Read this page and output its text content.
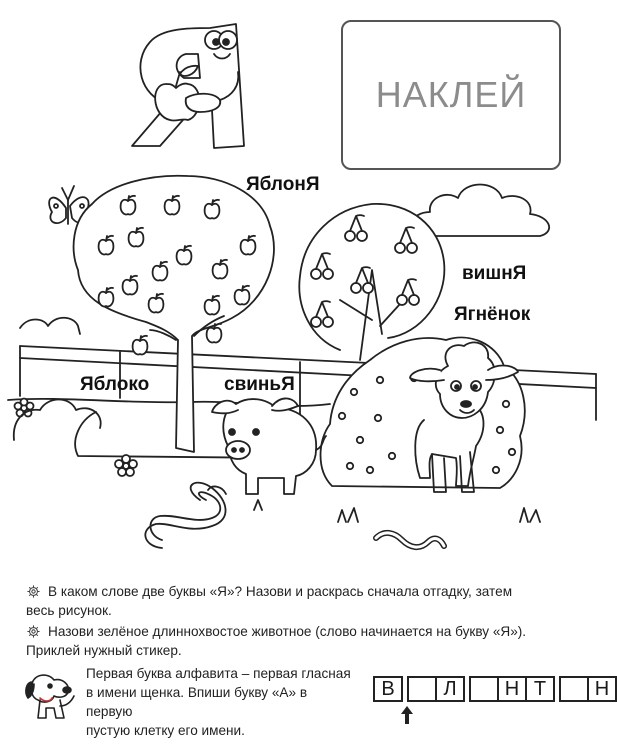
НАКЛЕЙ
ЯблонЯ
вишнЯ
Ягнёнок
Яблоко	свиньЯ
В каком слове две буквы «Я»? Назови и раскрась сначала отгадку, затем
весь рисунок.
Назови зелёное длиннохвостое животное (слово начинается на букву «Я»).
Приклей нужный стикер.
Первая буква алфавита – первая гласная
в имени щенка. Впиши букву «А» в первую
пустую клетку его имени.
В	Л	Н Т	Н
